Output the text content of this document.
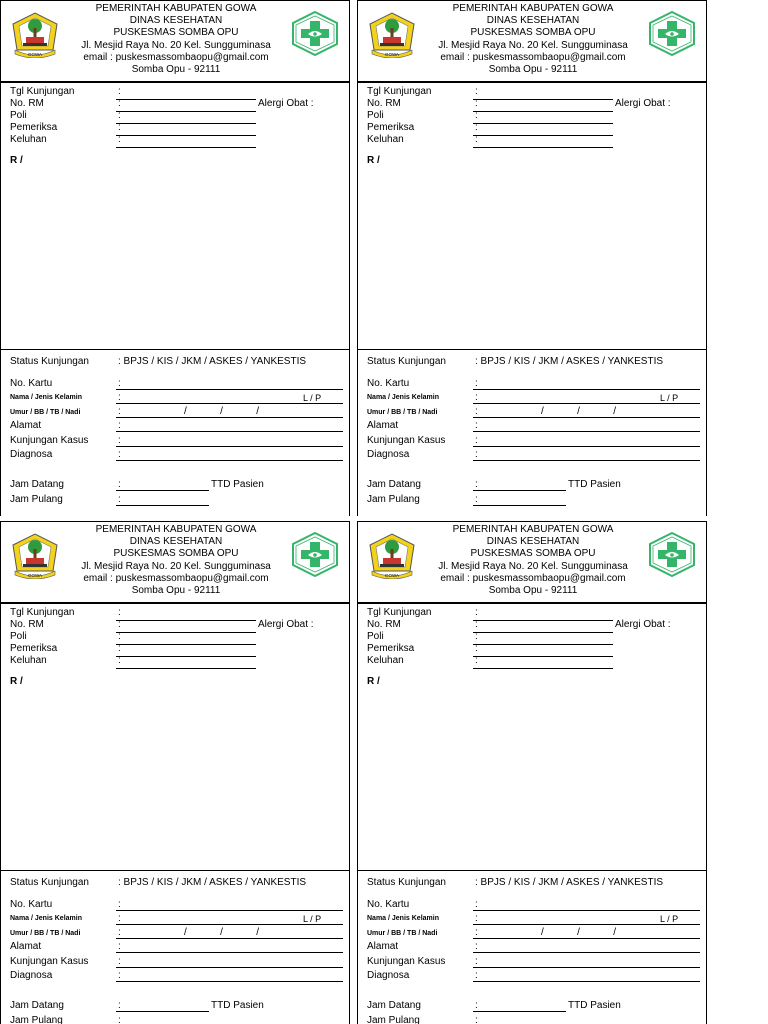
GOWA
PEMERINTAH KABUPATEN GOWA
DINAS KESEHATAN
PUSKESMAS SOMBA OPU
Jl. Mesjid Raya No. 20 Kel. Sungguminasa
email : puskesmassombaopu@gmail.com
Somba Opu - 92111
Tgl Kunjungan	:
No. RM	:	Alergi Obat :
Poli	:
Pemeriksa	:
Keluhan	:
R /
Status Kunjungan	: BPJS / KIS / JKM / ASKES / YANKESTIS
No. Kartu	:
Nama / Jenis Kelamin	:	L / P
Umur / BB / TB / Nadi	:	/            /            /
Alamat	:
Kunjungan Kasus	:
Diagnosa	:
Jam Datang	:	TTD Pasien
Jam Pulang	:
GOWA
PEMERINTAH KABUPATEN GOWA
DINAS KESEHATAN
PUSKESMAS SOMBA OPU
Jl. Mesjid Raya No. 20 Kel. Sungguminasa
email : puskesmassombaopu@gmail.com
Somba Opu - 92111
Tgl Kunjungan	:
No. RM	:	Alergi Obat :
Poli	:
Pemeriksa	:
Keluhan	:
R /
Status Kunjungan	: BPJS / KIS / JKM / ASKES / YANKESTIS
No. Kartu	:
Nama / Jenis Kelamin	:	L / P
Umur / BB / TB / Nadi	:	/            /            /
Alamat	:
Kunjungan Kasus	:
Diagnosa	:
Jam Datang	:	TTD Pasien
Jam Pulang	:
GOWA
PEMERINTAH KABUPATEN GOWA
DINAS KESEHATAN
PUSKESMAS SOMBA OPU
Jl. Mesjid Raya No. 20 Kel. Sungguminasa
email : puskesmassombaopu@gmail.com
Somba Opu - 92111
Tgl Kunjungan	:
No. RM	:	Alergi Obat :
Poli	:
Pemeriksa	:
Keluhan	:
R /
Status Kunjungan	: BPJS / KIS / JKM / ASKES / YANKESTIS
No. Kartu	:
Nama / Jenis Kelamin	:	L / P
Umur / BB / TB / Nadi	:	/            /            /
Alamat	:
Kunjungan Kasus	:
Diagnosa	:
Jam Datang	:	TTD Pasien
Jam Pulang	:
GOWA
PEMERINTAH KABUPATEN GOWA
DINAS KESEHATAN
PUSKESMAS SOMBA OPU
Jl. Mesjid Raya No. 20 Kel. Sungguminasa
email : puskesmassombaopu@gmail.com
Somba Opu - 92111
Tgl Kunjungan	:
No. RM	:	Alergi Obat :
Poli	:
Pemeriksa	:
Keluhan	:
R /
Status Kunjungan	: BPJS / KIS / JKM / ASKES / YANKESTIS
No. Kartu	:
Nama / Jenis Kelamin	:	L / P
Umur / BB / TB / Nadi	:	/            /            /
Alamat	:
Kunjungan Kasus	:
Diagnosa	:
Jam Datang	:	TTD Pasien
Jam Pulang	:
